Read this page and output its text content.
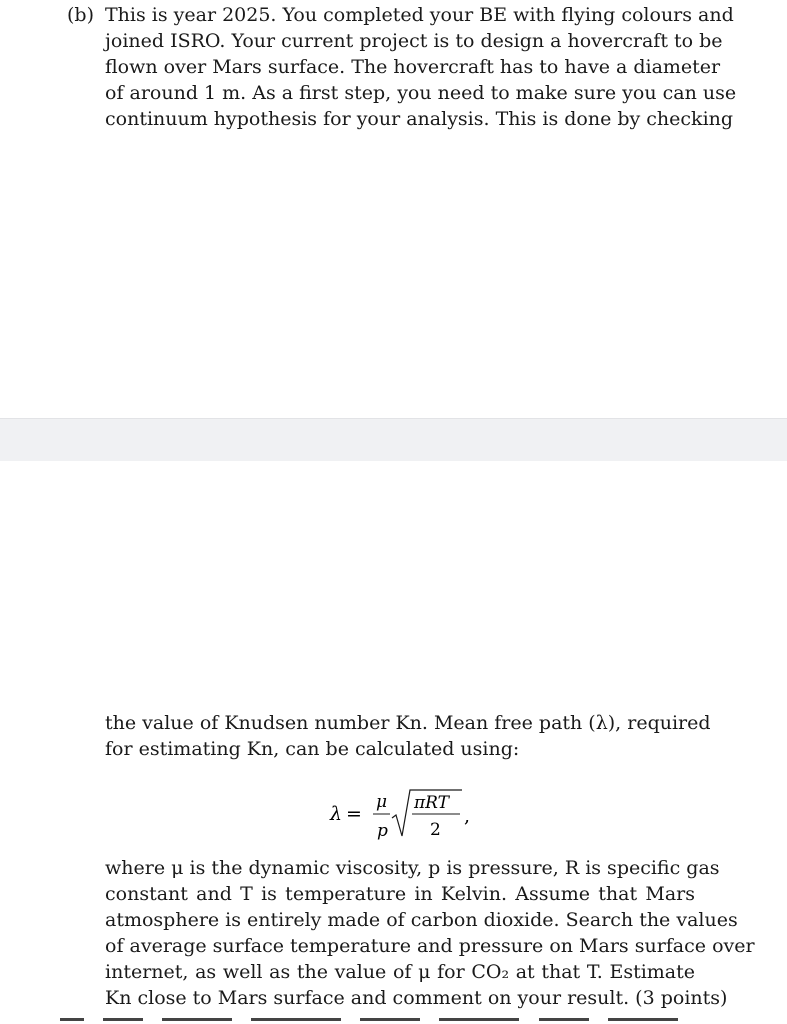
(b) This is year 2025. You completed your BE with flying colours and
joined ISRO. Your current project is to design a hovercraft to be
flown over Mars surface. The hovercraft has to have a diameter
of around 1 m. As a first step, you need to make sure you can use
continuum hypothesis for your analysis. This is done by checking
the value of Knudsen number Kn. Mean free path (λ), required
for estimating Kn, can be calculated using:
λ =
μ
p
πRT
2
,
where μ is the dynamic viscosity, p is pressure, R is specific gas
constant and T is temperature in Kelvin. Assume that Mars
atmosphere is entirely made of carbon dioxide. Search the values
of average surface temperature and pressure on Mars surface over
internet, as well as the value of μ for CO₂ at that T. Estimate
Kn close to Mars surface and comment on your result. (3 points)
